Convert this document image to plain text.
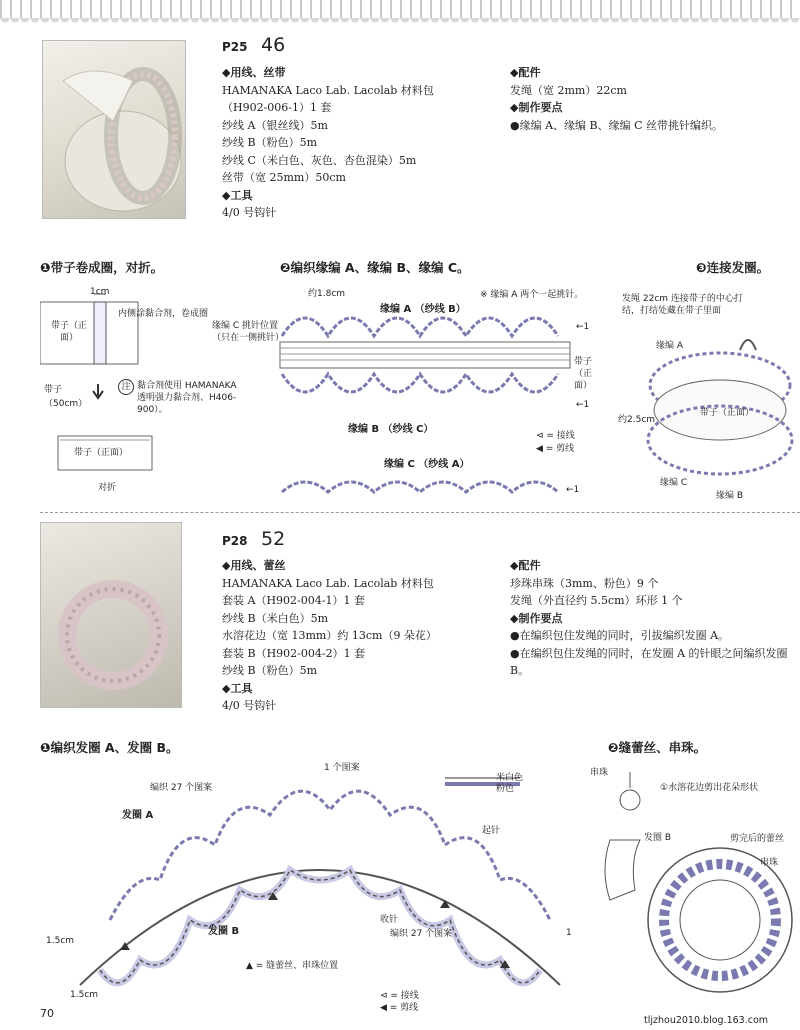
P25 46
◆用线、丝带
HAMANAKA Laco Lab. Lacolab 材料包
（H902-006-1）1 套
纱线 A（银丝线）5m
纱线 B（粉色）5m
纱线 C（米白色、灰色、杏色混染）5m
丝带（宽 25mm）50cm
◆工具
4/0 号钩针
◆配件
发绳（宽 2mm）22cm
◆制作要点
●缘编 A、缘编 B、缘编 C 丝带挑针编织。
❶带子卷成圈，对折。
1cm
内侧涂黏合剂，卷成圈
带子（正面）
带子
（50cm）
注 黏合剂使用 HAMANAKA 透明强力黏合剂、H406-900）。
带子（正面）
对折
❷编织缘编 A、缘编 B、缘编 C。
约1.8cm	※ 缘编 A 两个一起挑针。
缘编 A （纱线 B）
缘编 C 挑针位置（只在一侧挑针）
带子（正面）
缘编 B （纱线 C）
⊲ = 接线
◀ = 剪线
缘编 C （纱线 A）
←1
←1
←1
❸连接发圈。
发绳 22cm 连接带子的中心打结，打结处藏在带子里面
缘编 A
约2.5cm
带子（正面）
缘编 C
缘编 B
P28 52
◆用线、蕾丝
HAMANAKA Laco Lab. Lacolab 材料包
套装 A（H902-004-1）1 套
纱线 B（米白色）5m
水溶花边（宽 13mm）约 13cm（9 朵花）
套装 B（H902-004-2）1 套
纱线 B（粉色）5m
◆工具
4/0 号钩针
◆配件
珍珠串珠（3mm、粉色）9 个
发绳（外直径约 5.5cm）环形 1 个
◆制作要点
●在编织包住发绳的同时，引拔编织发圈 A。
●在编织包住发绳的同时，在发圈 A 的针眼之间编织发圈 B。
❶编织发圈 A、发圈 B。
1 个图案
编织 27 个图案
发圈 A
米白色
粉色
起针
发圈 B
收针
编织 27 个图案
1.5cm
1.5cm
▲ = 缝蕾丝、串珠位置
⊲ = 接线
◀ = 剪线
1
❷缝蕾丝、串珠。
串珠
①水溶花边剪出花朵形状
发圈 B	剪完后的蕾丝
串珠
70
tljzhou2010.blog.163.com
